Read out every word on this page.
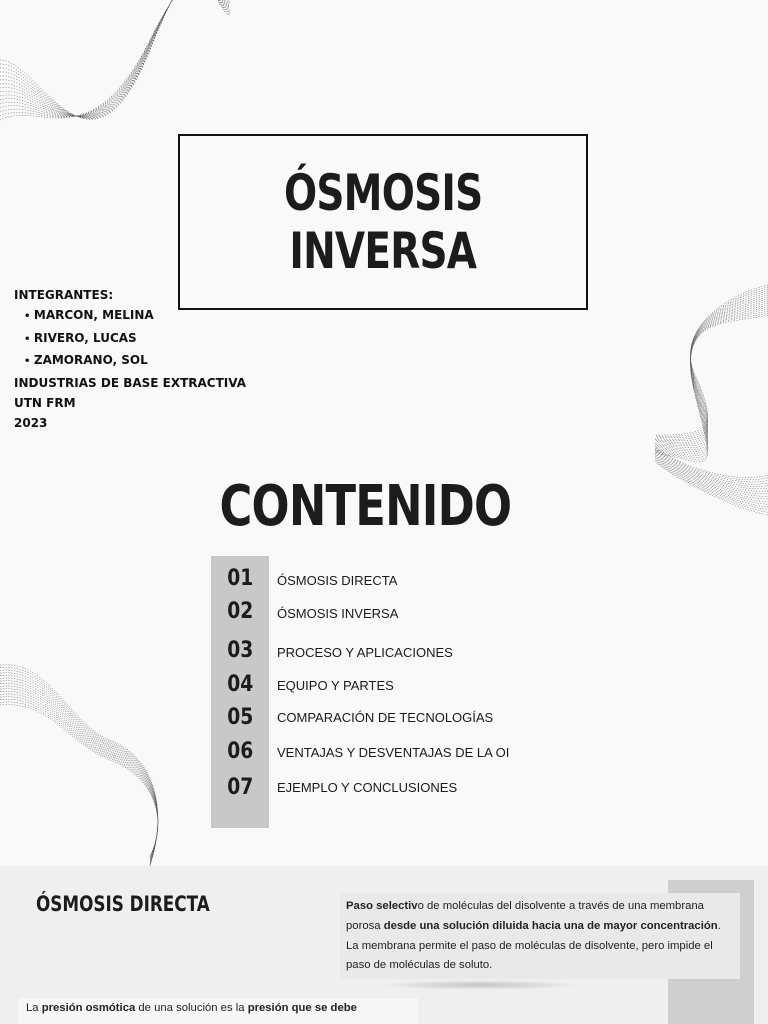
ÓSMOSIS
INVERSA
INTEGRANTES:
• MARCON, MELINA
• RIVERO, LUCAS
• ZAMORANO, SOL
INDUSTRIAS DE BASE EXTRACTIVA
UTN FRM
2023
CONTENIDO
01	ÓSMOSIS DIRECTA
02	ÓSMOSIS INVERSA
03	PROCESO Y APLICACIONES
04	EQUIPO Y PARTES
05	COMPARACIÓN DE TECNOLOGÍAS
06	VENTAJAS Y DESVENTAJAS DE LA OI
07	EJEMPLO Y CONCLUSIONES
ÓSMOSIS DIRECTA	Paso selectivo de moléculas del disolvente a través de una membrana porosa desde una solución diluida hacia una de mayor concentración. La membrana permite el paso de moléculas de disolvente, pero impide el paso de moléculas de soluto.
La presión osmótica de una solución es la presión que se debe
